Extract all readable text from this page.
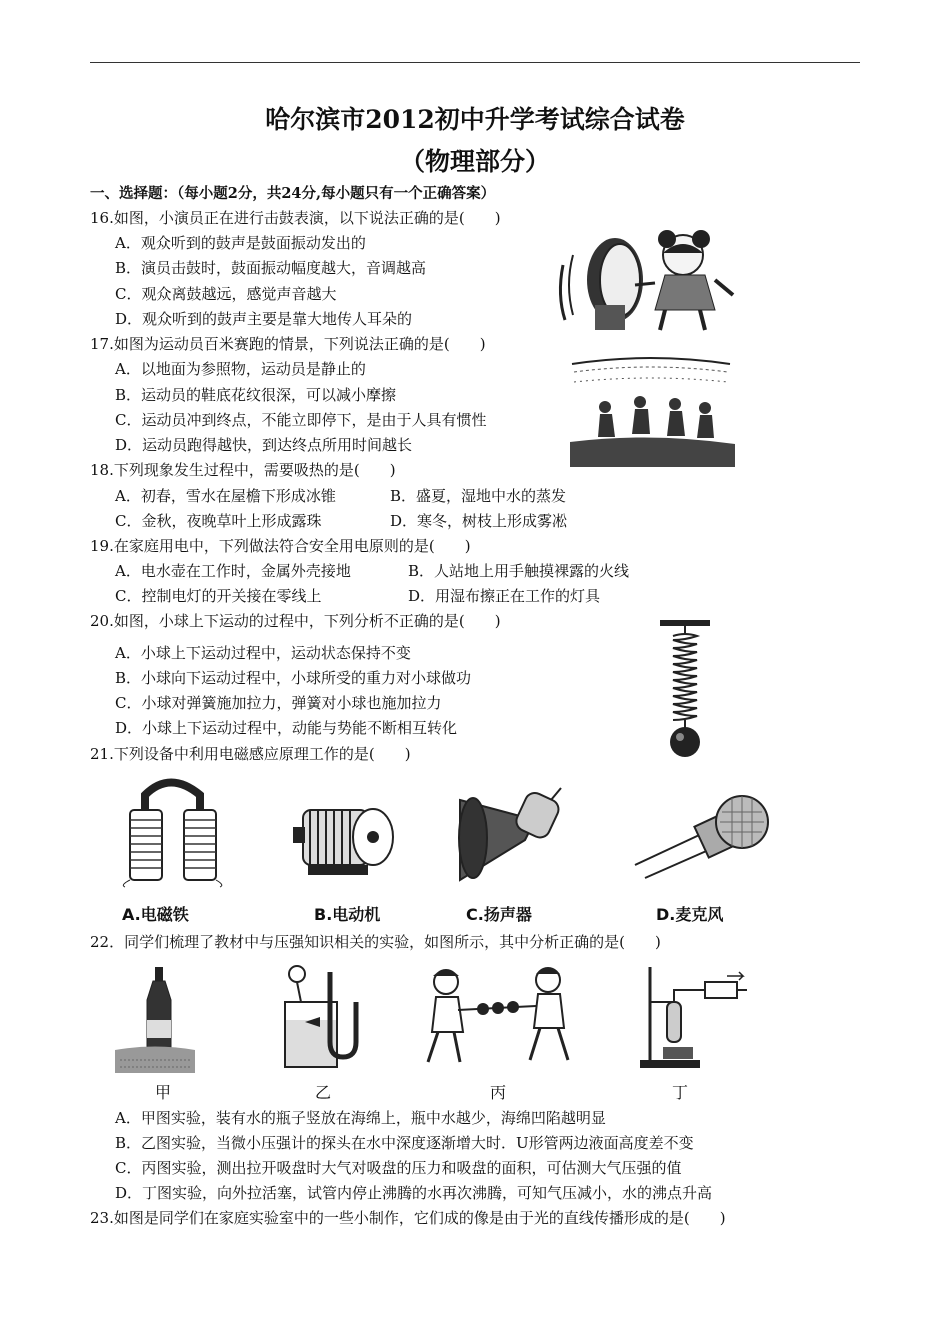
哈尔滨市2012初中升学考试综合试卷
（物理部分）
一、选择题：（每小题2分，共24分,每小题只有一个正确答案）
16.如图，小演员正在进行击鼓表演，以下说法正确的是(　　)
A．观众听到的鼓声是鼓面振动发出的
B．演员击鼓时，鼓面振动幅度越大，音调越高
C．观众离鼓越远，感觉声音越大
D．观众听到的鼓声主要是靠大地传人耳朵的
17.如图为运动员百米赛跑的情景，下列说法正确的是(　　)
A．以地面为参照物，运动员是静止的
B．运动员的鞋底花纹很深，可以减小摩擦
C．运动员冲到终点，不能立即停下，是由于人具有惯性
D．运动员跑得越快，到达终点所用时间越长
18.下列现象发生过程中，需要吸热的是(　　)
A．初春，雪水在屋檐下形成冰锥	B．盛夏，湿地中水的蒸发
C．金秋，夜晚草叶上形成露珠	D．寒冬，树枝上形成雾凇
19.在家庭用电中，下列做法符合安全用电原则的是(　　)
A．电水壶在工作时，金属外壳接地	B．人站地上用手触摸裸露的火线
C．控制电灯的开关接在零线上	D．用湿布擦正在工作的灯具
20.如图，小球上下运动的过程中，下列分析不正确的是(　　)
A．小球上下运动过程中，运动状态保持不变
B．小球向下运动过程中，小球所受的重力对小球做功
C．小球对弹簧施加拉力，弹簧对小球也施加拉力
D．小球上下运动过程中，动能与势能不断相互转化
21.下列设备中利用电磁感应原理工作的是(　　)
A.电磁铁	B.电动机	C.扬声器	D.麦克风
22．同学们梳理了教材中与压强知识相关的实验，如图所示，其中分析正确的是(　　)
甲	乙	丙	丁
A．甲图实验，装有水的瓶子竖放在海绵上，瓶中水越少，海绵凹陷越明显
B．乙图实验，当微小压强计的探头在水中深度逐渐增大时．U形管两边液面高度差不变
C．丙图实验，测出拉开吸盘时大气对吸盘的压力和吸盘的面积，可估测大气压强的值
D．丁图实验，向外拉活塞，试管内停止沸腾的水再次沸腾，可知气压减小，水的沸点升高
23.如图是同学们在家庭实验室中的一些小制作，它们成的像是由于光的直线传播形成的是(　　)
